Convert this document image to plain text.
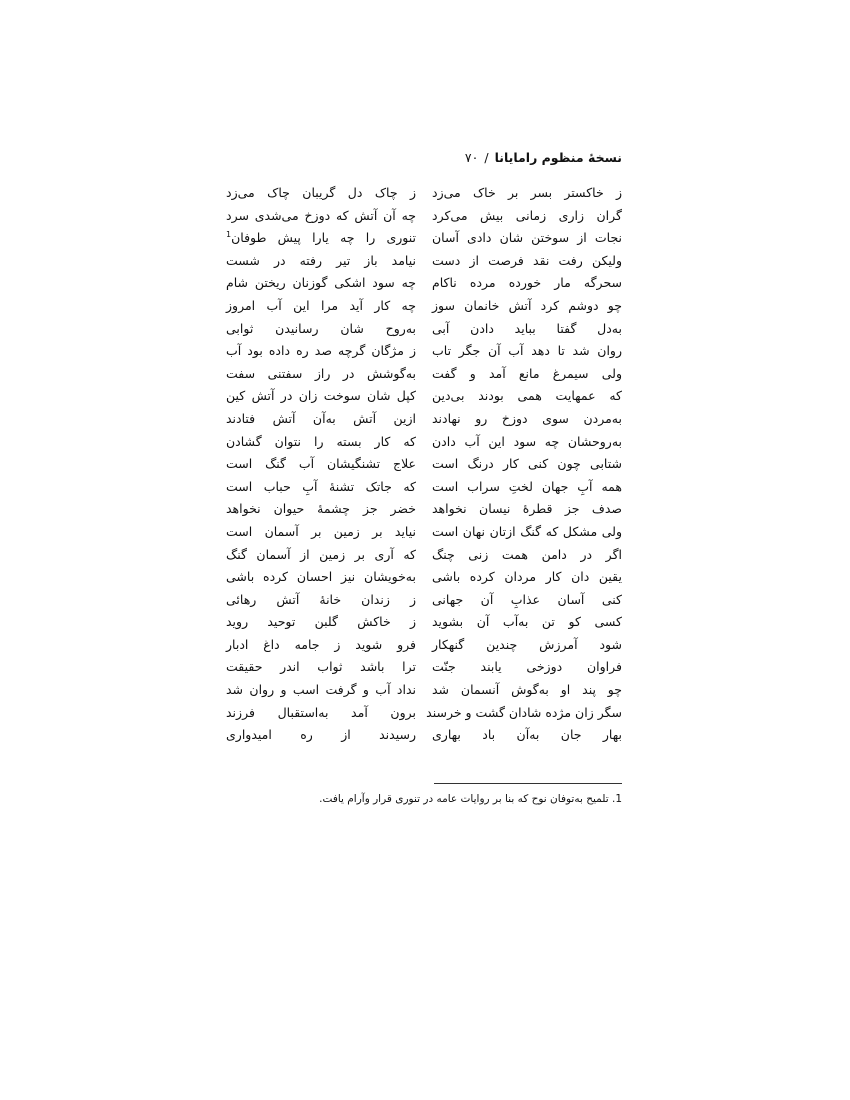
نسخهٔ منظوم رامایانا/۷۰
ز خاکستر بسر بر خاک می‌زد
گران زاری زمانی بیش می‌کرد
نجات از سوختن شان دادی آسان
ولیکن رفت نقد فرصت از دست
سحرگه مار خورده مرده ناکام
چو دوشم کرد آتش خانمان سوز
به‌دل گفتا بباید دادن آبی
روان شد تا دهد آب آن جگر تاب
ولی سیمرغ مانع آمد و گفت
که عمهایت همی بودند بی‌دین
به‌مردن سوی دوزخ رو نهادند
به‌روحشان چه سود این آب دادن
شتابی چون کنی کار درنگ است
همه آبِ جهان لختِ سراب است
صدف جز قطرهٔ نیسان نخواهد
ولی مشکل که گنگ ازتان نهان است
اگر در دامن همت زنی چنگ
یقین دان کار مردان کرده باشی
کنی آسان عذابِ آن جهانی
کسی کو تن به‌آب آن بشوید
شود آمرزش چندین گنهکار
فراوان دوزخی یابند جنّت
چو پند او به‌گوش آنسمان شد
سگر زان مژده شادان گشت و خرسند
بهار جان به‌آن باد بهاری
ز چاک دل گریبان چاک می‌زد
چه آن آتش که دوزخ می‌شدی سرد
تنوری را چه یارا پیش طوفان$^1$
نیامد باز تیر رفته در شست
چه سود اشکی گوزنان ریختن شام
چه کار آید مرا این آب امروز
به‌روح شان رسانیدن ثوابی
ز مژگان گرچه صد ره داده بود آب
به‌گوشش در راز سفتنی سفت
کپل شان سوخت زان در آتش کین
ازین آتش به‌آن آتش فتادند
که کار بسته را نتوان گشادن
علاج تشنگیشان آب گنگ است
که جاتک تشنهٔ آبِ حباب است
خضر جز چشمهٔ حیوان نخواهد
نیاید بر زمین بر آسمان است
که آری بر زمین از آسمان گنگ
به‌خویشان نیز احسان کرده باشی
ز زندان خانهٔ آتش رهائی
ز خاکش گلبن توحید روید
فرو شوید ز جامه داغ ادبار
ترا باشد ثواب اندر حقیقت
نداد آب و گرفت اسب و روان شد
برون آمد به‌استقبال فرزند
رسیدند از ره امیدواری
1. تلمیح به‌توفان نوح که بنا بر روایات عامه در تنوری قرار وآرام یافت.
